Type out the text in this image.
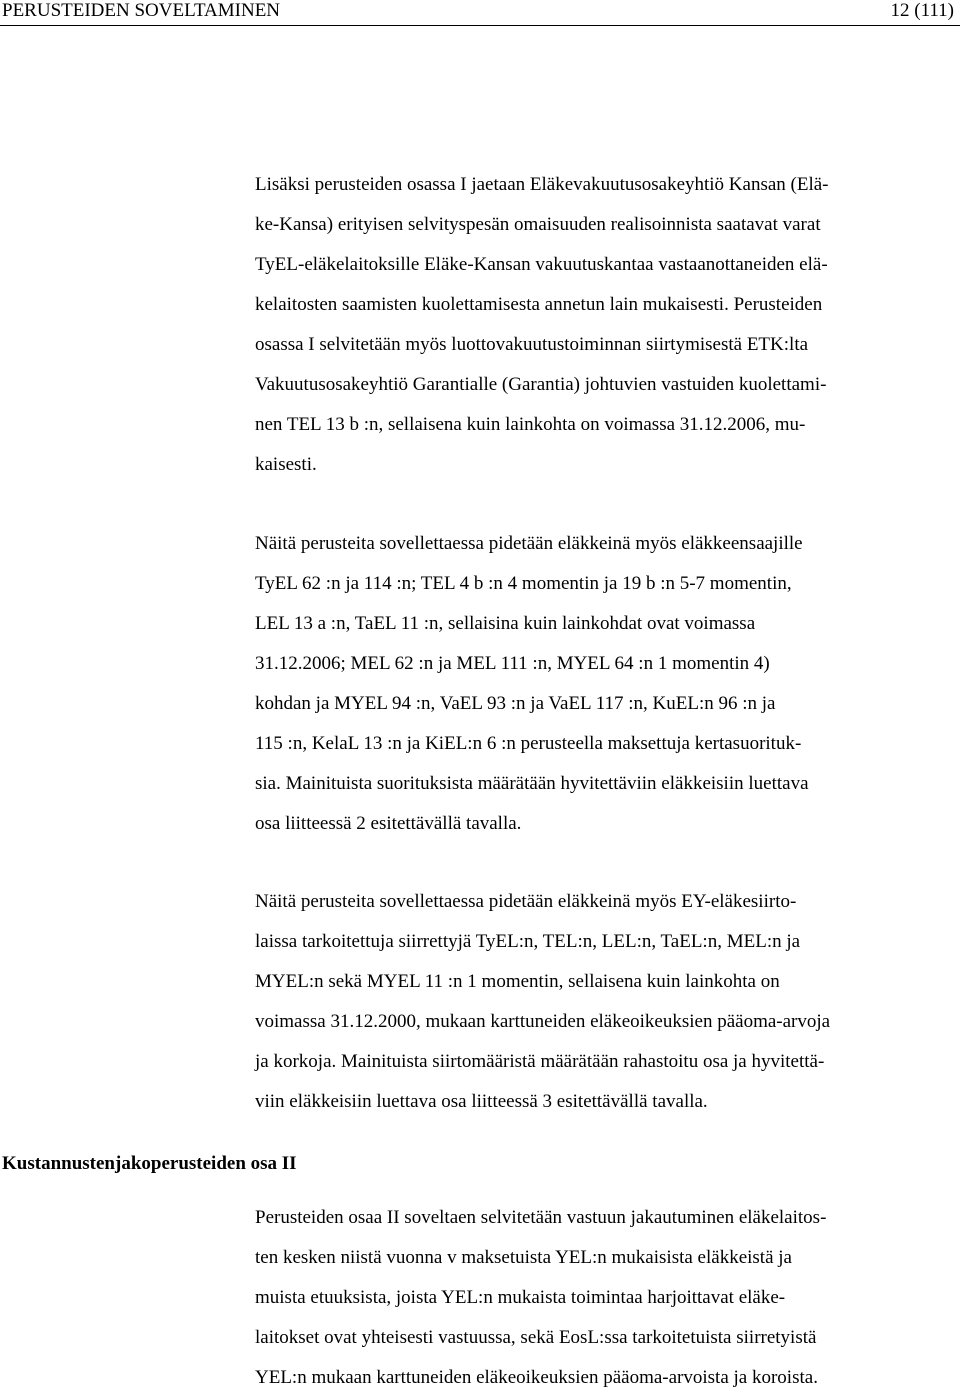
PERUSTEIDEN SOVELTAMINEN	12 (111)
Lisäksi perusteiden osassa I jaetaan Eläkevakuutusosakeyhtiö Kansan (Elä-
ke-Kansa) erityisen selvityspesän omaisuuden realisoinnista saatavat varat
TyEL-eläkelaitoksille Eläke-Kansan vakuutuskantaa vastaanottaneiden elä-
kelaitosten saamisten kuolettamisesta annetun lain mukaisesti. Perusteiden
osassa I selvitetään myös luottovakuutustoiminnan siirtymisestä ETK:lta
Vakuutusosakeyhtiö Garantialle (Garantia) johtuvien vastuiden kuolettami-
nen TEL 13 b :n, sellaisena kuin lainkohta on voimassa 31.12.2006, mu-
kaisesti.
Näitä perusteita sovellettaessa pidetään eläkkeinä myös eläkkeensaajille
TyEL 62 :n ja 114 :n; TEL 4 b :n 4 momentin ja 19 b :n 5-7 momentin,
LEL 13 a :n, TaEL 11 :n, sellaisina kuin lainkohdat ovat voimassa
31.12.2006; MEL 62 :n ja MEL 111 :n, MYEL 64 :n 1 momentin 4)
kohdan ja MYEL 94 :n, VaEL 93 :n ja VaEL 117 :n, KuEL:n 96 :n ja
115 :n, KelaL 13 :n ja KiEL:n 6 :n perusteella maksettuja kertasuorituk-
sia. Mainituista suorituksista määrätään hyvitettäviin eläkkeisiin luettava
osa liitteessä 2 esitettävällä tavalla.
Näitä perusteita sovellettaessa pidetään eläkkeinä myös EY-eläkesiirto-
laissa tarkoitettuja siirrettyjä TyEL:n, TEL:n, LEL:n, TaEL:n, MEL:n ja
MYEL:n sekä MYEL 11 :n 1 momentin, sellaisena kuin lainkohta on
voimassa 31.12.2000, mukaan karttuneiden eläkeoikeuksien pääoma-arvoja
ja korkoja. Mainituista siirtomääristä määrätään rahastoitu osa ja hyvitettä-
viin eläkkeisiin luettava osa liitteessä 3 esitettävällä tavalla.
Kustannustenjakoperusteiden osa II
Perusteiden osaa II soveltaen selvitetään vastuun jakautuminen eläkelaitos-
ten kesken niistä vuonna v maksetuista YEL:n mukaisista eläkkeistä ja
muista etuuksista, joista YEL:n mukaista toimintaa harjoittavat eläke-
laitokset ovat yhteisesti vastuussa, sekä EosL:ssa tarkoitetuista siirretyistä
YEL:n mukaan karttuneiden eläkeoikeuksien pääoma-arvoista ja koroista.
